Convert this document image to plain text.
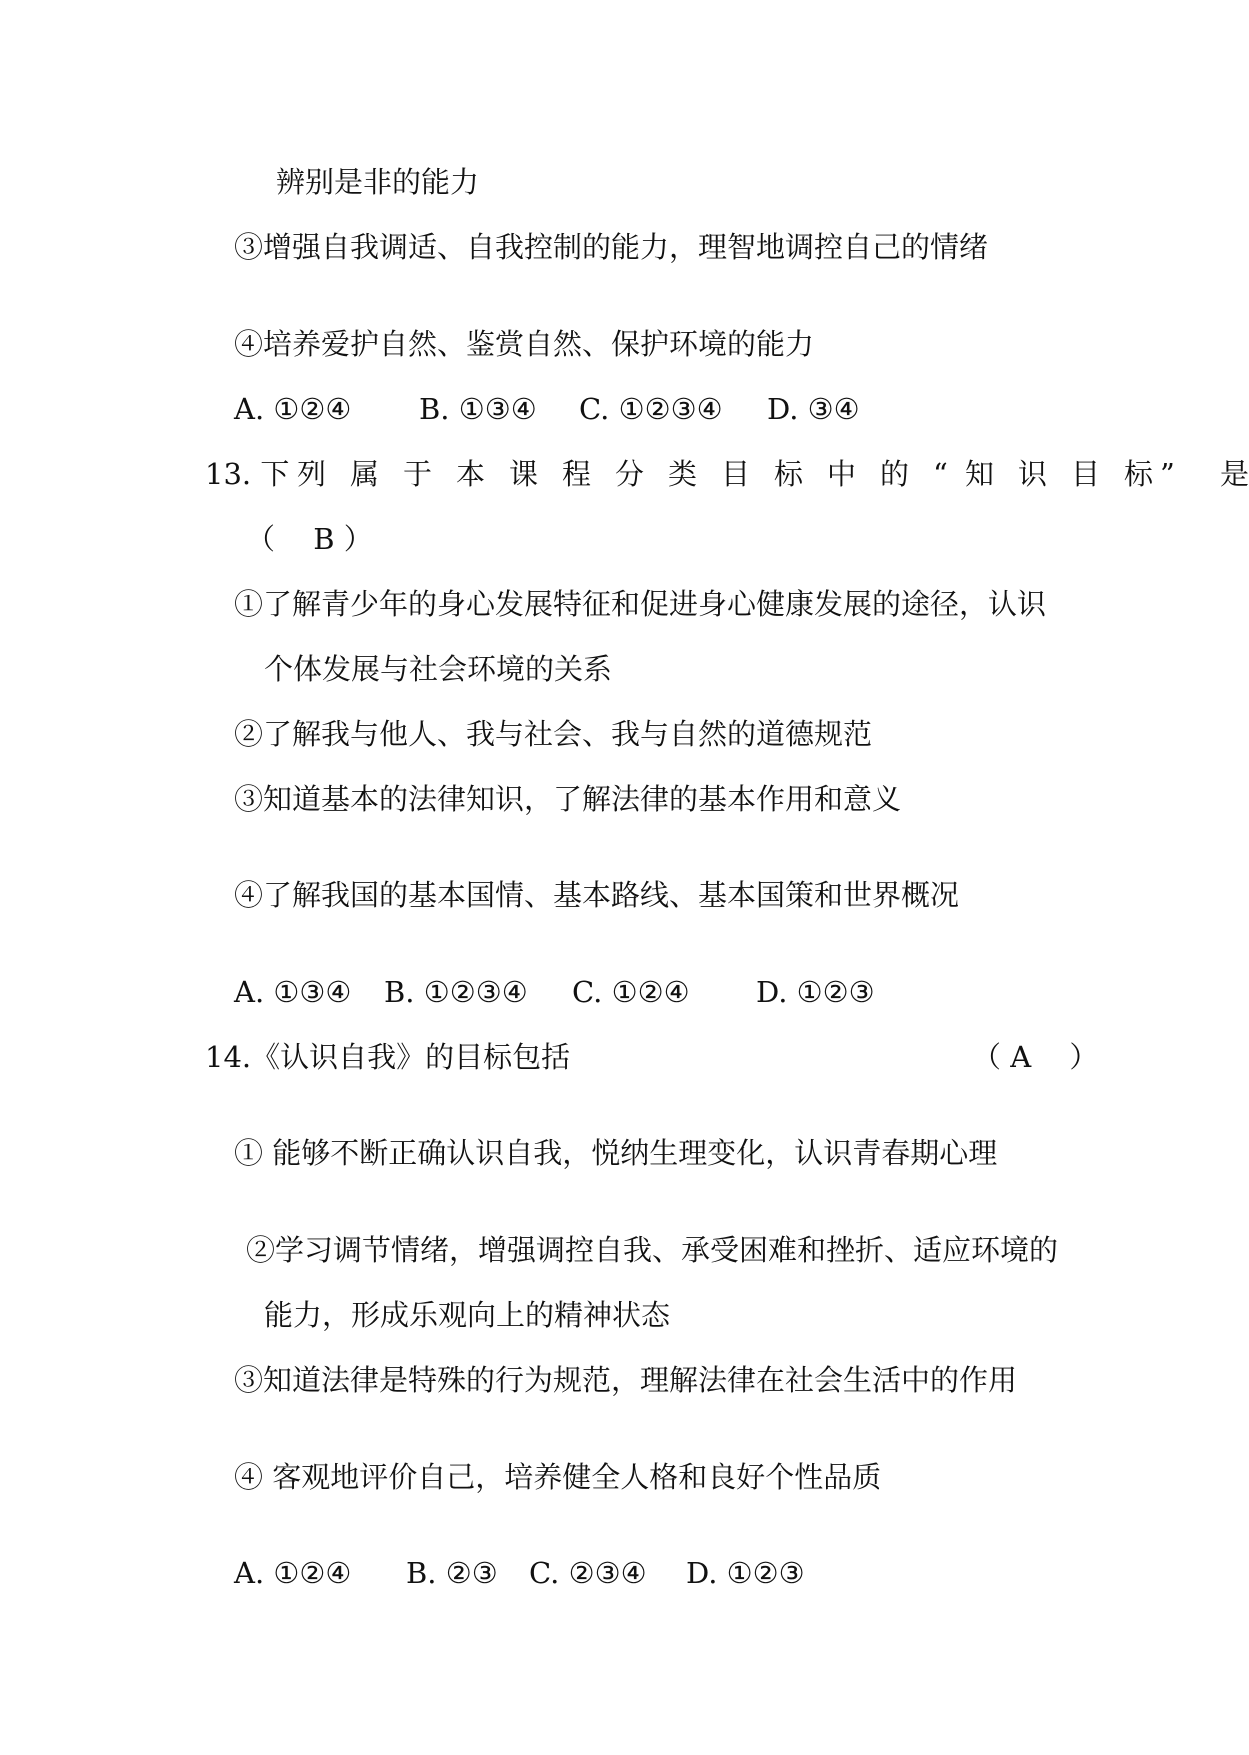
辨别是非的能力
③增强自我调适、自我控制的能力，理智地调控自己的情绪
④培养爱护自然、鉴赏自然、保护环境的能力
A. ①②④ B. ①③④ C. ①②③④ D. ③④
13. 下 列 属 于 本 课 程 分 类 目 标 中 的 “ 知 识 目 标 ” 是
（　 B ）
①了解青少年的身心发展特征和促进身心健康发展的途径，认识
个体发展与社会环境的关系
②了解我与他人、我与社会、我与自然的道德规范
③知道基本的法律知识，了解法律的基本作用和意义
④了解我国的基本国情、基本路线、基本国策和世界概况
A. ①③④ B. ①②③④ C. ①②④ D. ①②③
14.《认识自我》的目标包括	（ A　 ）
① 能够不断正确认识自我，悦纳生理变化，认识青春期心理
②学习调节情绪，增强调控自我、承受困难和挫折、适应环境的
能力，形成乐观向上的精神状态
③知道法律是特殊的行为规范，理解法律在社会生活中的作用
④ 客观地评价自己，培养健全人格和良好个性品质
A. ①②④ B. ②③ C. ②③④ D. ①②③
